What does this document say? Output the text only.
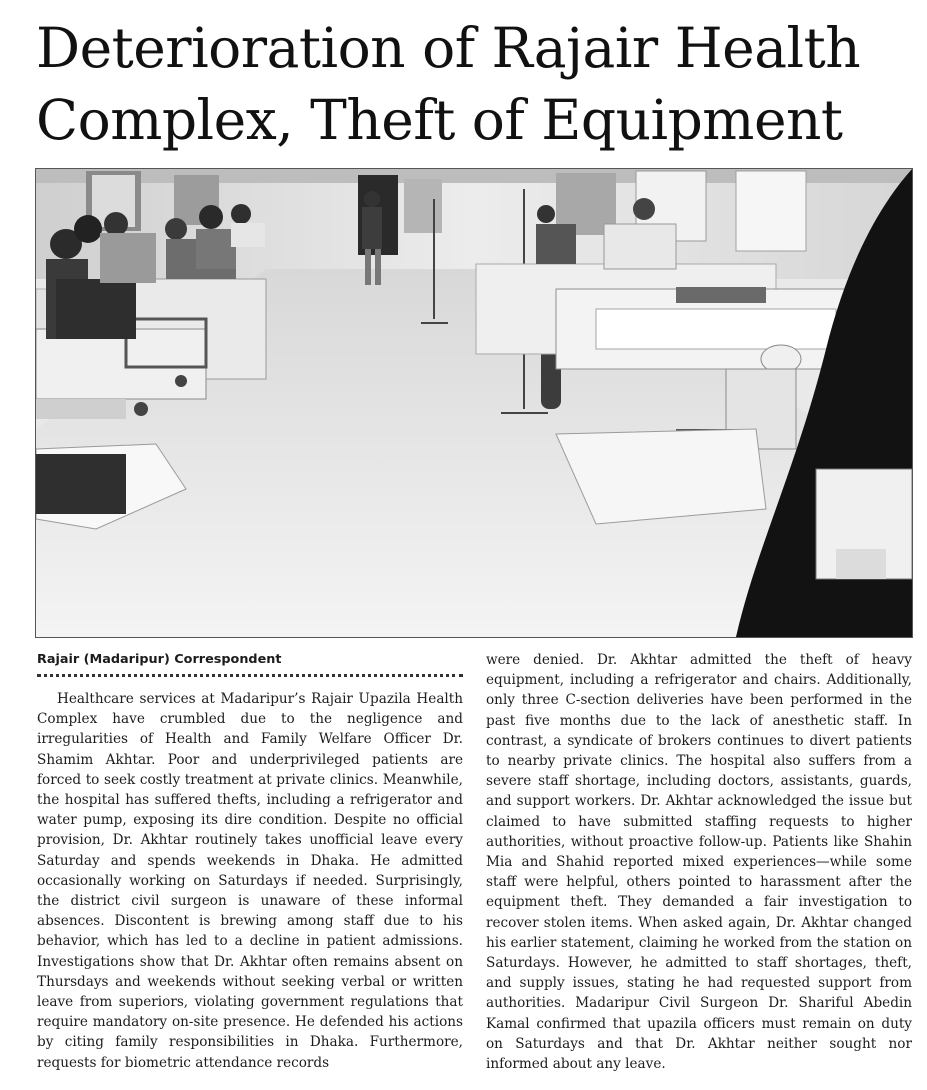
Deterioration of Rajair Health Complex, Theft of Equipment

Rajair (Madaripur) Correspondent

Healthcare services at Madaripur’s Rajair Upazila Health Complex have crumbled due to the negligence and irregularities of Health and Family Welfare Officer Dr. Shamim Akhtar. Poor and underprivileged patients are forced to seek costly treatment at private clinics. Meanwhile, the hospital has suffered thefts, including a refrigerator and water pump, exposing its dire condition. Despite no official provision, Dr. Akhtar routinely takes unofficial leave every Saturday and spends weekends in Dhaka. He admitted occasionally working on Saturdays if needed. Surprisingly, the district civil surgeon is unaware of these informal absences. Discontent is brewing among staff due to his behavior, which has led to a decline in patient admissions. Investigations show that Dr. Akhtar often remains absent on Thursdays and weekends without seeking verbal or written leave from superiors, violating government regulations that require mandatory on-site presence. He defended his actions by citing family responsibilities in Dhaka. Furthermore, requests for biometric attendance records

were denied. Dr. Akhtar admitted the theft of heavy equipment, including a refrigerator and chairs. Additionally, only three C-section deliveries have been performed in the past five months due to the lack of anesthetic staff. In contrast, a syndicate of brokers continues to divert patients to nearby private clinics. The hospital also suffers from a severe staff shortage, including doctors, assistants, guards, and support workers. Dr. Akhtar acknowledged the issue but claimed to have submitted staffing requests to higher authorities, without proactive follow-up. Patients like Shahin Mia and Shahid reported mixed experiences—while some staff were helpful, others pointed to harassment after the equipment theft. They demanded a fair investigation to recover stolen items. When asked again, Dr. Akhtar changed his earlier statement, claiming he worked from the station on Saturdays. However, he admitted to staff shortages, theft, and supply issues, stating he had requested support from authorities. Madaripur Civil Surgeon Dr. Shariful Abedin Kamal confirmed that upazila officers must remain on duty on Saturdays and that Dr. Akhtar neither sought nor informed about any leave.
